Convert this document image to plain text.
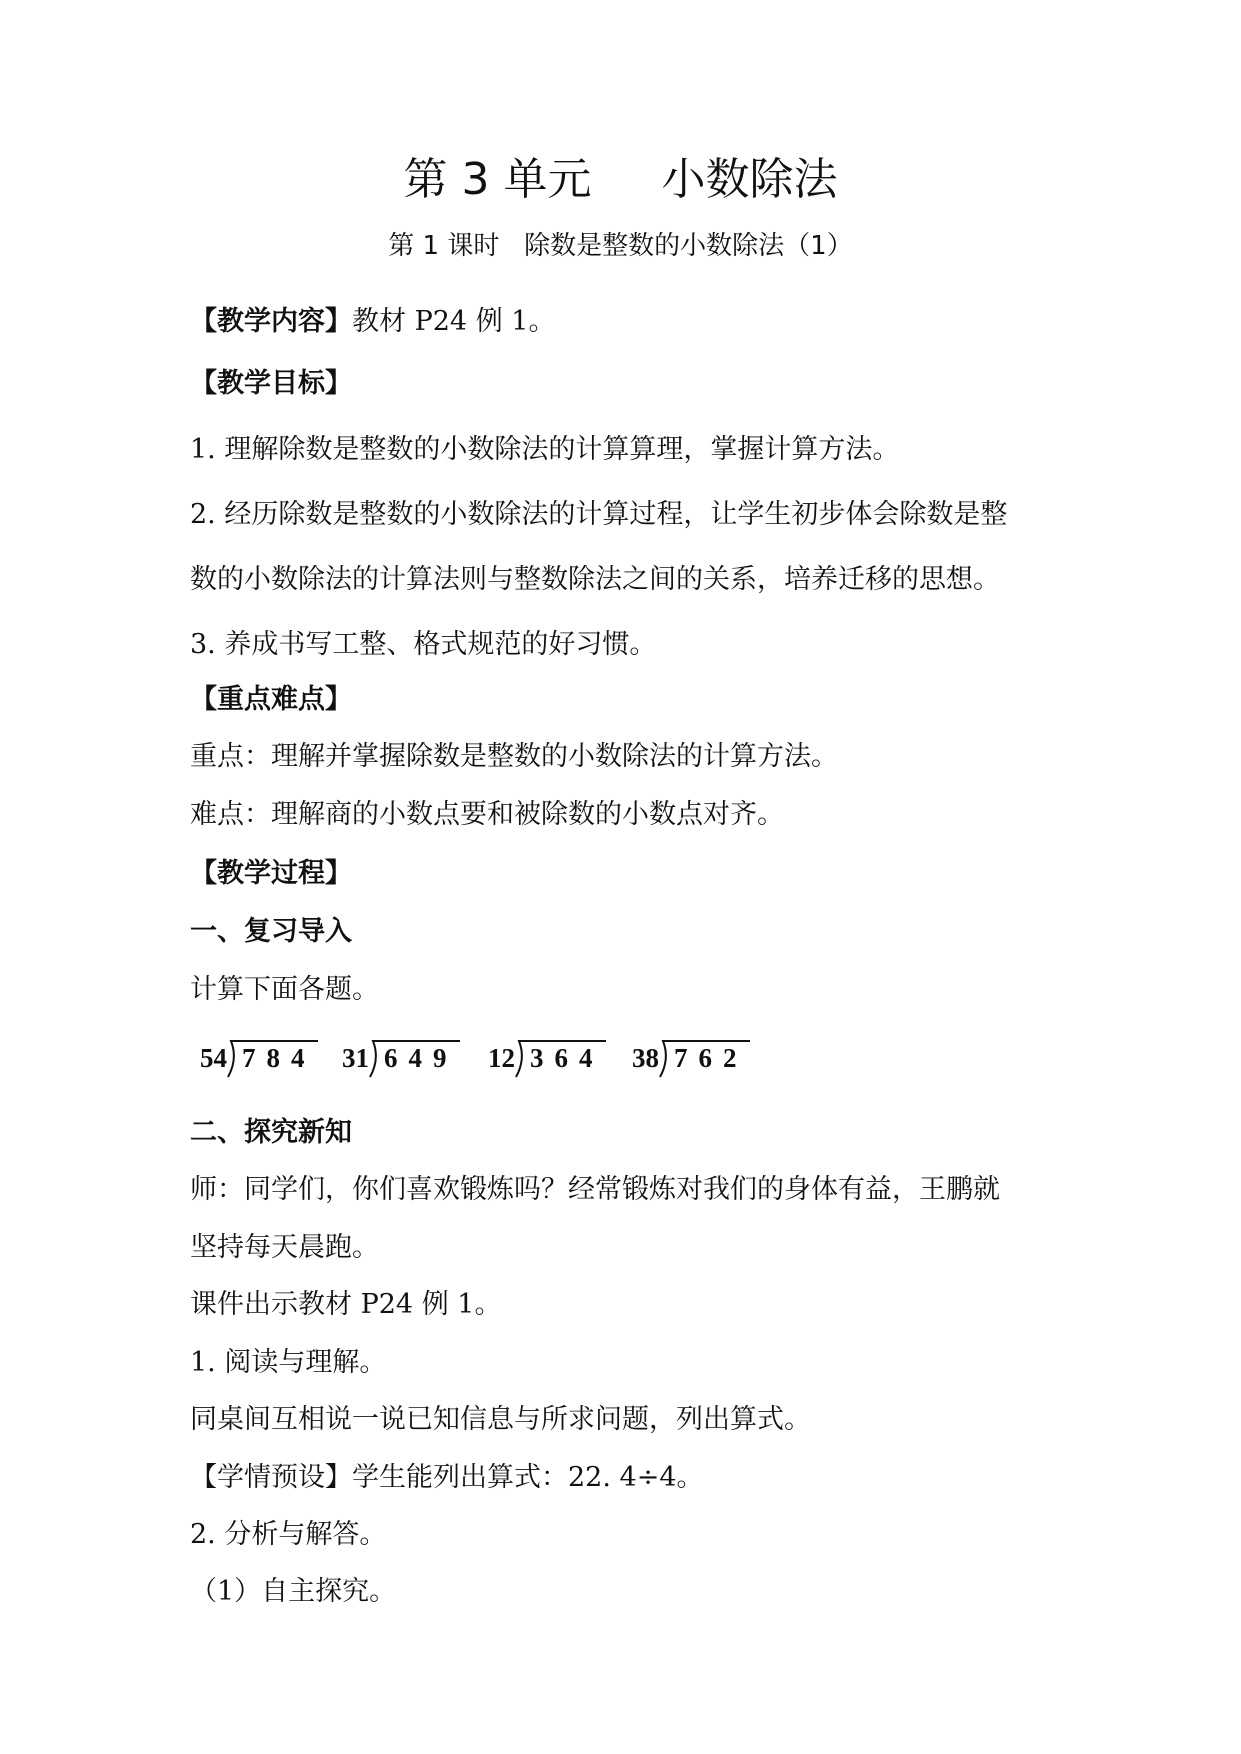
第 3 单元     小数除法
第 1 课时   除数是整数的小数除法（1）
【教学内容】教材 P24 例 1。
【教学目标】
1. 理解除数是整数的小数除法的计算算理，掌握计算方法。
2. 经历除数是整数的小数除法的计算过程，让学生初步体会除数是整
数的小数除法的计算法则与整数除法之间的关系，培养迁移的思想。
3. 养成书写工整、格式规范的好习惯。
【重点难点】
重点：理解并掌握除数是整数的小数除法的计算方法。
难点：理解商的小数点要和被除数的小数点对齐。
【教学过程】
一、复习导入
计算下面各题。
54 784 31 649 12 364 38 762
二、探究新知
师：同学们，你们喜欢锻炼吗？经常锻炼对我们的身体有益，王鹏就
坚持每天晨跑。
课件出示教材 P24 例 1。
1. 阅读与理解。
同桌间互相说一说已知信息与所求问题，列出算式。
【学情预设】学生能列出算式：22. 4÷4。
2. 分析与解答。
（1）自主探究。
